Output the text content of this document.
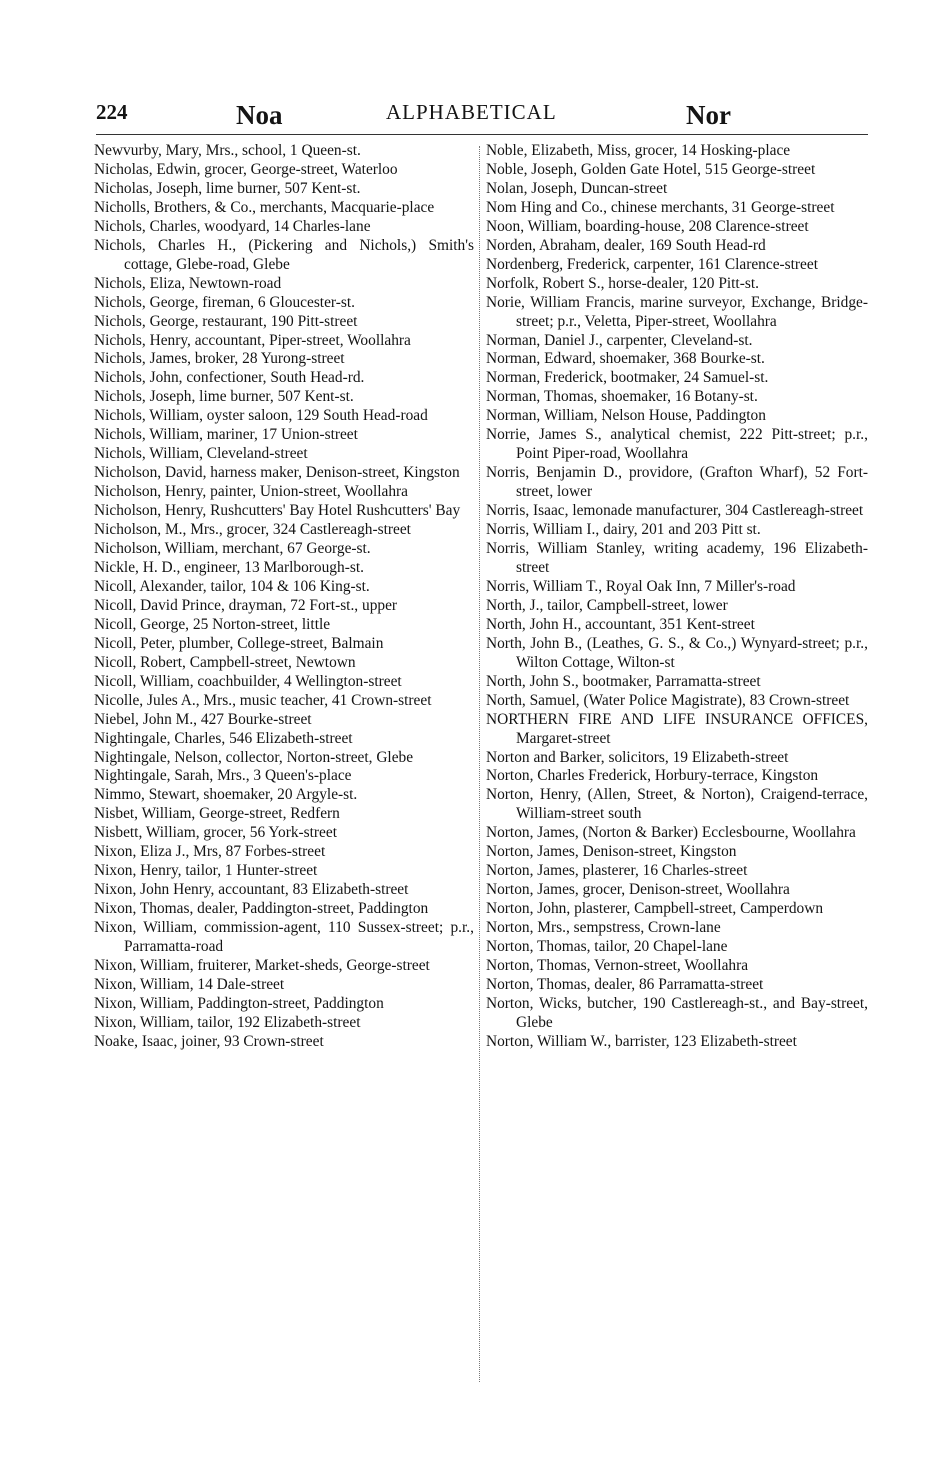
224	Noa	ALPHABETICAL	Nor
Newvurby, Mary, Mrs., school, 1 Queen-st.
Nicholas, Edwin, grocer, George-street, Waterloo
Nicholas, Joseph, lime burner, 507 Kent-st.
Nicholls, Brothers, & Co., merchants, Macquarie-place
Nichols, Charles, woodyard, 14 Charles-lane
Nichols, Charles H., (Pickering and Nichols,) Smith's cottage, Glebe-road, Glebe
Nichols, Eliza, Newtown-road
Nichols, George, fireman, 6 Gloucester-st.
Nichols, George, restaurant, 190 Pitt-street
Nichols, Henry, accountant, Piper-street, Woollahra
Nichols, James, broker, 28 Yurong-street
Nichols, John, confectioner, South Head-rd.
Nichols, Joseph, lime burner, 507 Kent-st.
Nichols, William, oyster saloon, 129 South Head-road
Nichols, William, mariner, 17 Union-street
Nichols, William, Cleveland-street
Nicholson, David, harness maker, Denison-street, Kingston
Nicholson, Henry, painter, Union-street, Woollahra
Nicholson, Henry, Rushcutters' Bay Hotel Rushcutters' Bay
Nicholson, M., Mrs., grocer, 324 Castlereagh-street
Nicholson, William, merchant, 67 George-st.
Nickle, H. D., engineer, 13 Marlborough-st.
Nicoll, Alexander, tailor, 104 & 106 King-st.
Nicoll, David Prince, drayman, 72 Fort-st., upper
Nicoll, George, 25 Norton-street, little
Nicoll, Peter, plumber, College-street, Balmain
Nicoll, Robert, Campbell-street, Newtown
Nicoll, William, coachbuilder, 4 Wellington-street
Nicolle, Jules A., Mrs., music teacher, 41 Crown-street
Niebel, John M., 427 Bourke-street
Nightingale, Charles, 546 Elizabeth-street
Nightingale, Nelson, collector, Norton-street, Glebe
Nightingale, Sarah, Mrs., 3 Queen's-place
Nimmo, Stewart, shoemaker, 20 Argyle-st.
Nisbet, William, George-street, Redfern
Nisbett, William, grocer, 56 York-street
Nixon, Eliza J., Mrs, 87 Forbes-street
Nixon, Henry, tailor, 1 Hunter-street
Nixon, John Henry, accountant, 83 Elizabeth-street
Nixon, Thomas, dealer, Paddington-street, Paddington
Nixon, William, commission-agent, 110 Sussex-street; p.r., Parramatta-road
Nixon, William, fruiterer, Market-sheds, George-street
Nixon, William, 14 Dale-street
Nixon, William, Paddington-street, Paddington
Nixon, William, tailor, 192 Elizabeth-street
Noake, Isaac, joiner, 93 Crown-street
Noble, Elizabeth, Miss, grocer, 14 Hosking-place
Noble, Joseph, Golden Gate Hotel, 515 George-street
Nolan, Joseph, Duncan-street
Nom Hing and Co., chinese merchants, 31 George-street
Noon, William, boarding-house, 208 Clarence-street
Norden, Abraham, dealer, 169 South Head-rd
Nordenberg, Frederick, carpenter, 161 Clarence-street
Norfolk, Robert S., horse-dealer, 120 Pitt-st.
Norie, William Francis, marine surveyor, Exchange, Bridge-street; p.r., Veletta, Piper-street, Woollahra
Norman, Daniel J., carpenter, Cleveland-st.
Norman, Edward, shoemaker, 368 Bourke-st.
Norman, Frederick, bootmaker, 24 Samuel-st.
Norman, Thomas, shoemaker, 16 Botany-st.
Norman, William, Nelson House, Paddington
Norrie, James S., analytical chemist, 222 Pitt-street; p.r., Point Piper-road, Woollahra
Norris, Benjamin D., providore, (Grafton Wharf), 52 Fort-street, lower
Norris, Isaac, lemonade manufacturer, 304 Castlereagh-street
Norris, William I., dairy, 201 and 203 Pitt st.
Norris, William Stanley, writing academy, 196 Elizabeth-street
Norris, William T., Royal Oak Inn, 7 Miller's-road
North, J., tailor, Campbell-street, lower
North, John H., accountant, 351 Kent-street
North, John B., (Leathes, G. S., & Co.,) Wynyard-street; p.r., Wilton Cottage, Wilton-st
North, John S., bootmaker, Parramatta-street
North, Samuel, (Water Police Magistrate), 83 Crown-street
NORTHERN FIRE AND LIFE INSURANCE OFFICES, Margaret-street
Norton and Barker, solicitors, 19 Elizabeth-street
Norton, Charles Frederick, Horbury-terrace, Kingston
Norton, Henry, (Allen, Street, & Norton), Craigend-terrace, William-street south
Norton, James, (Norton & Barker) Ecclesbourne, Woollahra
Norton, James, Denison-street, Kingston
Norton, James, plasterer, 16 Charles-street
Norton, James, grocer, Denison-street, Woollahra
Norton, John, plasterer, Campbell-street, Camperdown
Norton, Mrs., sempstress, Crown-lane
Norton, Thomas, tailor, 20 Chapel-lane
Norton, Thomas, Vernon-street, Woollahra
Norton, Thomas, dealer, 86 Parramatta-street
Norton, Wicks, butcher, 190 Castlereagh-st., and Bay-street, Glebe
Norton, William W., barrister, 123 Elizabeth-street
